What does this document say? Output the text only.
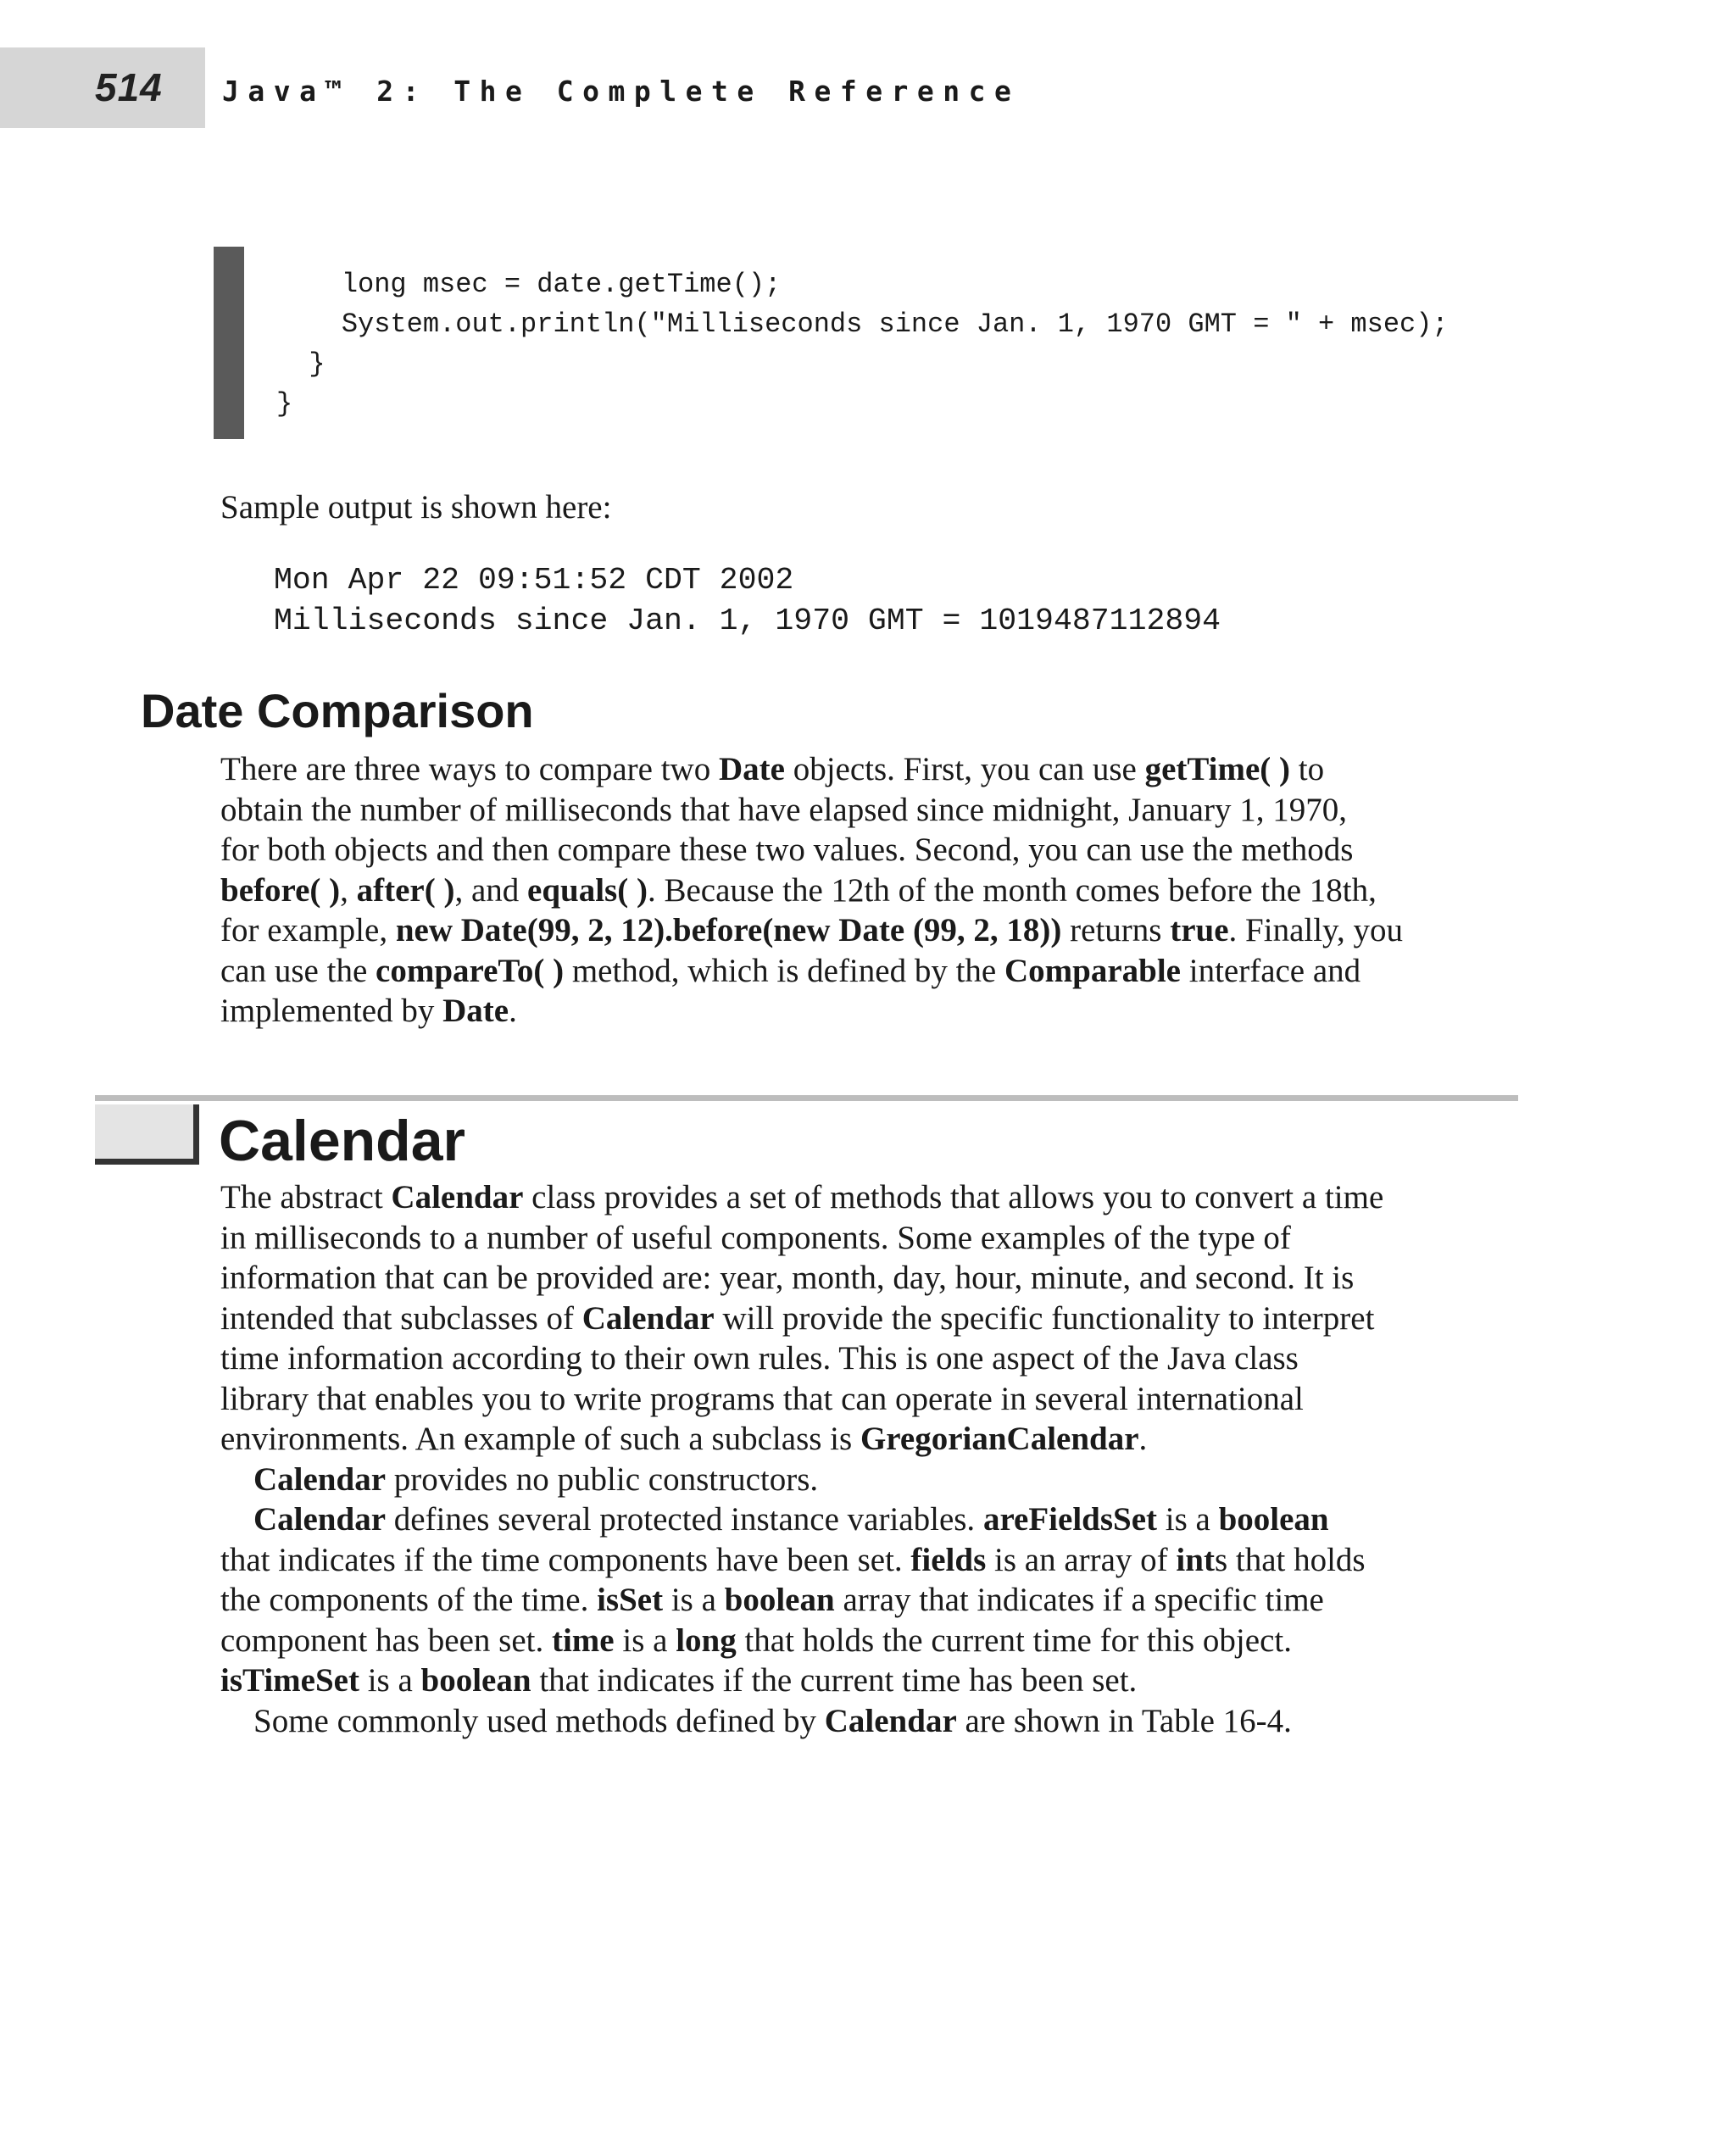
514 Java™ 2: The Complete Reference
long msec = date.getTime();
System.out.println("Milliseconds since Jan. 1, 1970 GMT = " + msec);
}
}
Sample output is shown here:
Mon Apr 22 09:51:52 CDT 2002
Milliseconds since Jan. 1, 1970 GMT = 1019487112894
Date Comparison
There are three ways to compare two Date objects. First, you can use getTime( ) to
obtain the number of milliseconds that have elapsed since midnight, January 1, 1970,
for both objects and then compare these two values. Second, you can use the methods
before( ), after( ), and equals( ). Because the 12th of the month comes before the 18th,
for example, new Date(99, 2, 12).before(new Date (99, 2, 18)) returns true. Finally, you
can use the compareTo( ) method, which is defined by the Comparable interface and
implemented by Date.
Calendar
The abstract Calendar class provides a set of methods that allows you to convert a time
in milliseconds to a number of useful components. Some examples of the type of
information that can be provided are: year, month, day, hour, minute, and second. It is
intended that subclasses of Calendar will provide the specific functionality to interpret
time information according to their own rules. This is one aspect of the Java class
library that enables you to write programs that can operate in several international
environments. An example of such a subclass is GregorianCalendar.
Calendar provides no public constructors.
Calendar defines several protected instance variables. areFieldsSet is a boolean
that indicates if the time components have been set. fields is an array of ints that holds
the components of the time. isSet is a boolean array that indicates if a specific time
component has been set. time is a long that holds the current time for this object.
isTimeSet is a boolean that indicates if the current time has been set.
Some commonly used methods defined by Calendar are shown in Table 16-4.
